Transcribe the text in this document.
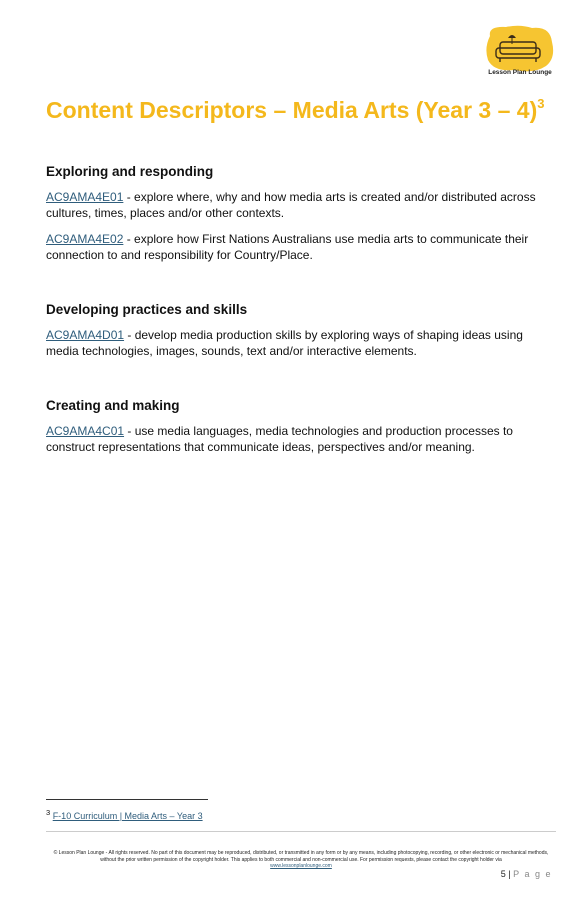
Lesson Plan Lounge
Content Descriptors – Media Arts (Year 3 – 4)$^3$

Exploring and responding

AC9AMA4E01 - explore where, why and how media arts is created and/or distributed across cultures, times, places and/or other contexts.

AC9AMA4E02 - explore how First Nations Australians use media arts to communicate their connection to and responsibility for Country/Place.

Developing practices and skills

AC9AMA4D01 - develop media production skills by exploring ways of shaping ideas using media technologies, images, sounds, text and/or interactive elements.

Creating and making

AC9AMA4C01 - use media languages, media technologies and production processes to construct representations that communicate ideas, perspectives and/or meaning.

$^3$ F-10 Curriculum | Media Arts – Year 3
© Lesson Plan Lounge - All rights reserved. No part of this document may be reproduced, distributed, or transmitted in any form or by any means, including photocopying, recording, or other electronic or mechanical methods, without the prior written permission of the copyright holder. This applies to both commercial and non-commercial use. For permission requests, please contact the copyright holder via
www.lessonplanlounge.com
5 | P a g e
